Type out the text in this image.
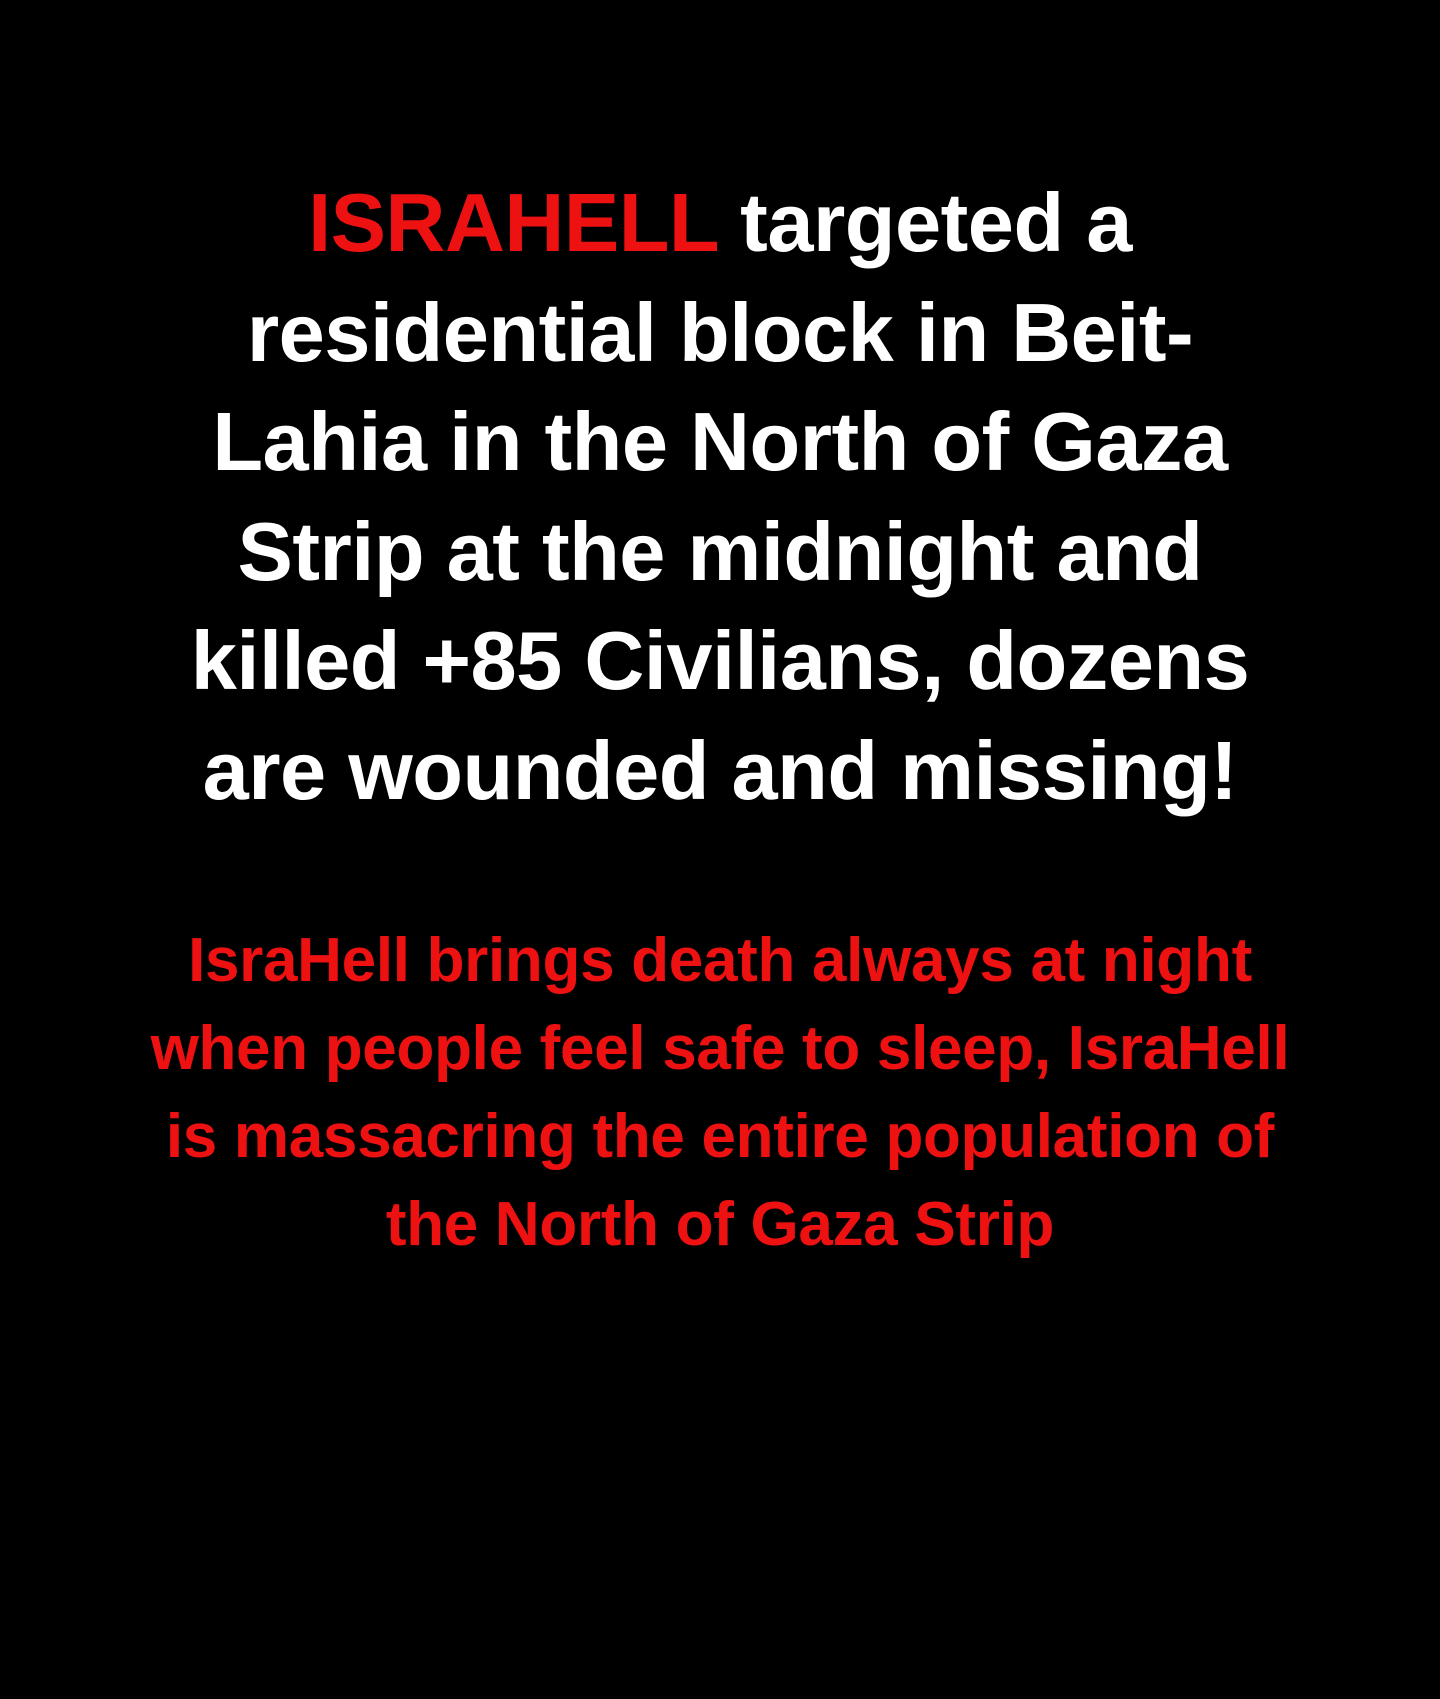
ISRAHELL targeted a residential block in Beit-Lahia in the North of Gaza Strip at the midnight and killed +85 Civilians, dozens are wounded and missing!

IsraHell brings death always at night when people feel safe to sleep, IsraHell is massacring the entire population of the North of Gaza Strip
